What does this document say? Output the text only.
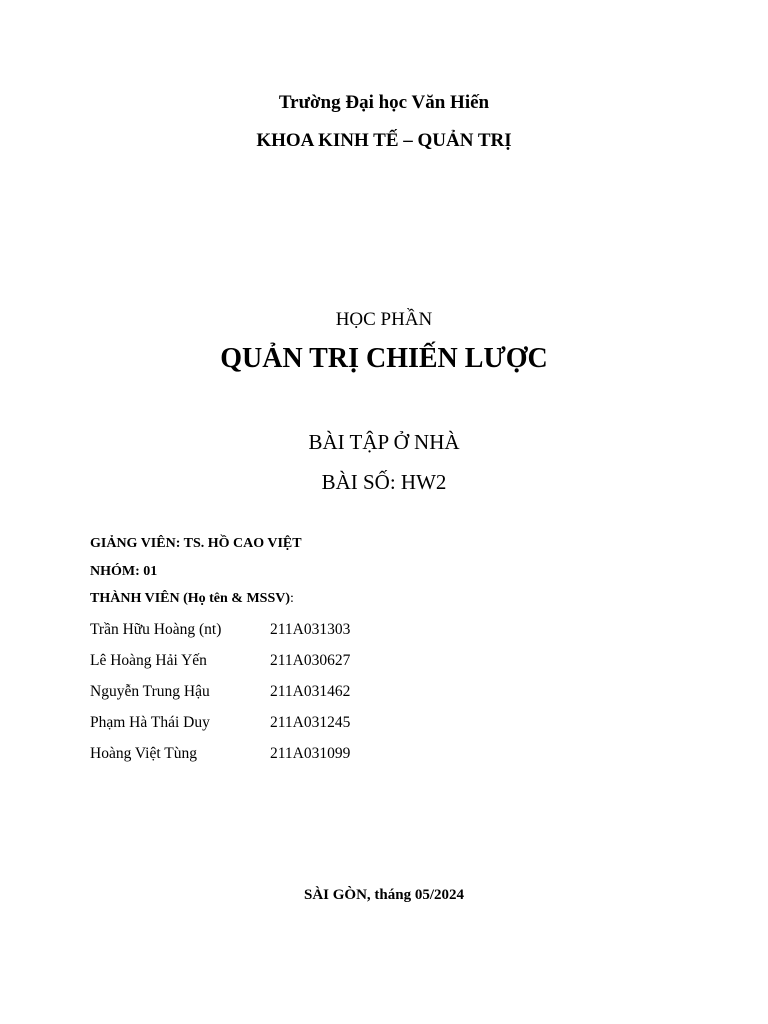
Trường Đại học Văn Hiến
KHOA KINH TẾ – QUẢN TRỊ
HỌC PHẦN
QUẢN TRỊ CHIẾN LƯỢC
BÀI TẬP Ở NHÀ
BÀI SỐ: HW2
GIẢNG VIÊN: TS. HỒ CAO VIỆT
NHÓM: 01
THÀNH VIÊN (Họ tên & MSSV):
Trần Hữu Hoàng (nt)	211A031303
Lê Hoàng Hải Yến	211A030627
Nguyễn Trung Hậu	211A031462
Phạm Hà Thái Duy	211A031245
Hoàng Việt Tùng	211A031099
SÀI GÒN, tháng 05/2024
